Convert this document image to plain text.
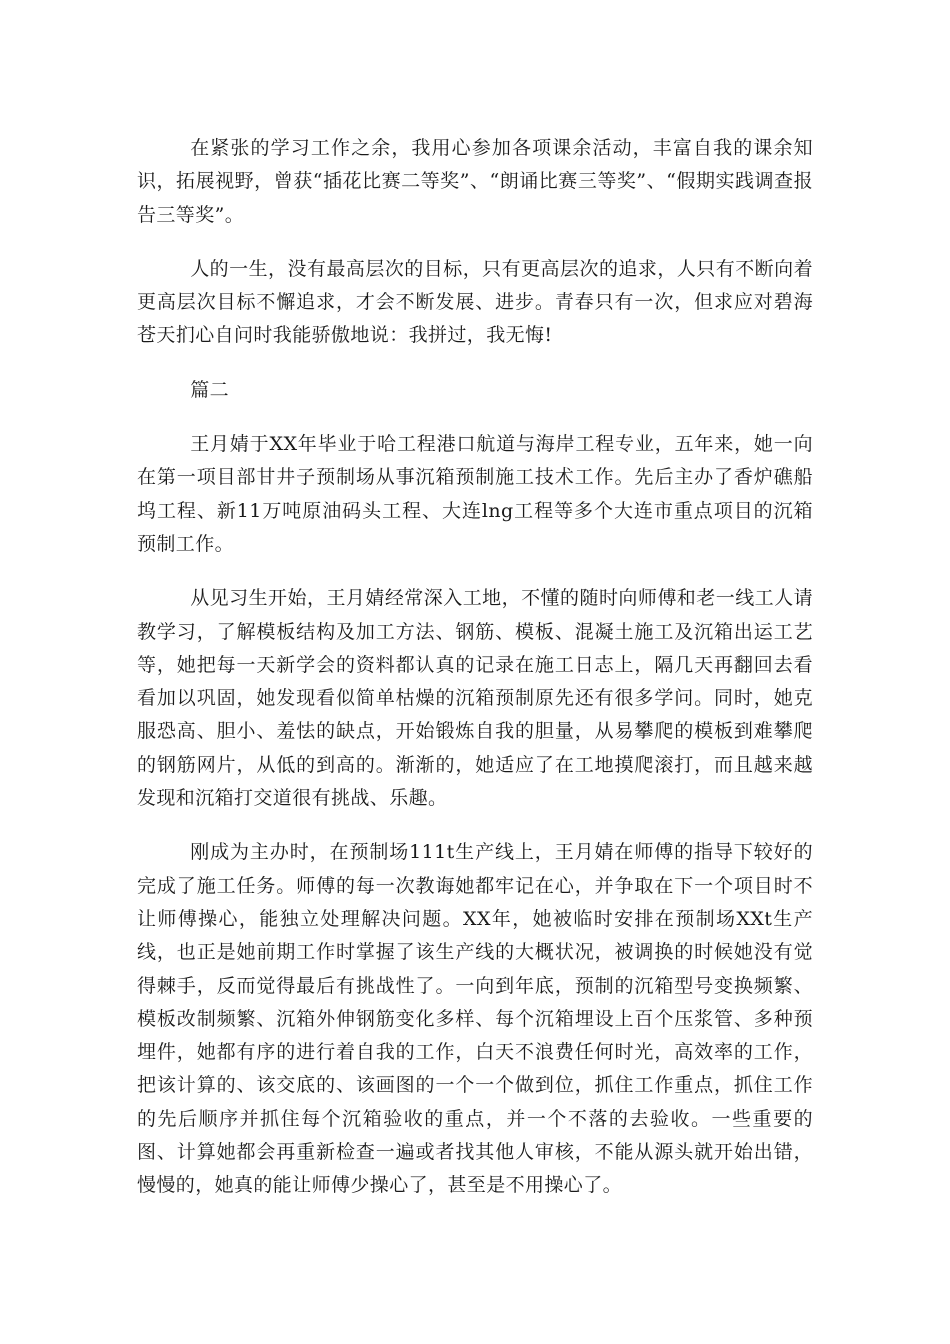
在紧张的学习工作之余，我用心参加各项课余活动，丰富自我的课余知识，拓展视野，曾获“插花比赛二等奖”、“朗诵比赛三等奖”、“假期实践调查报告三等奖”。

人的一生，没有最高层次的目标，只有更高层次的追求，人只有不断向着更高层次目标不懈追求，才会不断发展、进步。青春只有一次，但求应对碧海苍天扪心自问时我能骄傲地说：我拼过，我无悔!

篇二

王月婧于XX年毕业于哈工程港口航道与海岸工程专业，五年来，她一向在第一项目部甘井子预制场从事沉箱预制施工技术工作。先后主办了香炉礁船坞工程、新11万吨原油码头工程、大连lng工程等多个大连市重点项目的沉箱预制工作。

从见习生开始，王月婧经常深入工地，不懂的随时向师傅和老一线工人请教学习，了解模板结构及加工方法、钢筋、模板、混凝土施工及沉箱出运工艺等，她把每一天新学会的资料都认真的记录在施工日志上，隔几天再翻回去看看加以巩固，她发现看似简单枯燥的沉箱预制原先还有很多学问。同时，她克服恐高、胆小、羞怯的缺点，开始锻炼自我的胆量，从易攀爬的模板到难攀爬的钢筋网片，从低的到高的。渐渐的，她适应了在工地摸爬滚打，而且越来越发现和沉箱打交道很有挑战、乐趣。

刚成为主办时，在预制场111t生产线上，王月婧在师傅的指导下较好的完成了施工任务。师傅的每一次教诲她都牢记在心，并争取在下一个项目时不让师傅操心，能独立处理解决问题。XX年，她被临时安排在预制场XXt生产线，也正是她前期工作时掌握了该生产线的大概状况，被调换的时候她没有觉得棘手，反而觉得最后有挑战性了。一向到年底，预制的沉箱型号变换频繁、模板改制频繁、沉箱外伸钢筋变化多样、每个沉箱埋设上百个压浆管、多种预埋件，她都有序的进行着自我的工作，白天不浪费任何时光，高效率的工作，把该计算的、该交底的、该画图的一个一个做到位，抓住工作重点，抓住工作的先后顺序并抓住每个沉箱验收的重点，并一个不落的去验收。一些重要的图、计算她都会再重新检查一遍或者找其他人审核，不能从源头就开始出错，慢慢的，她真的能让师傅少操心了，甚至是不用操心了。
